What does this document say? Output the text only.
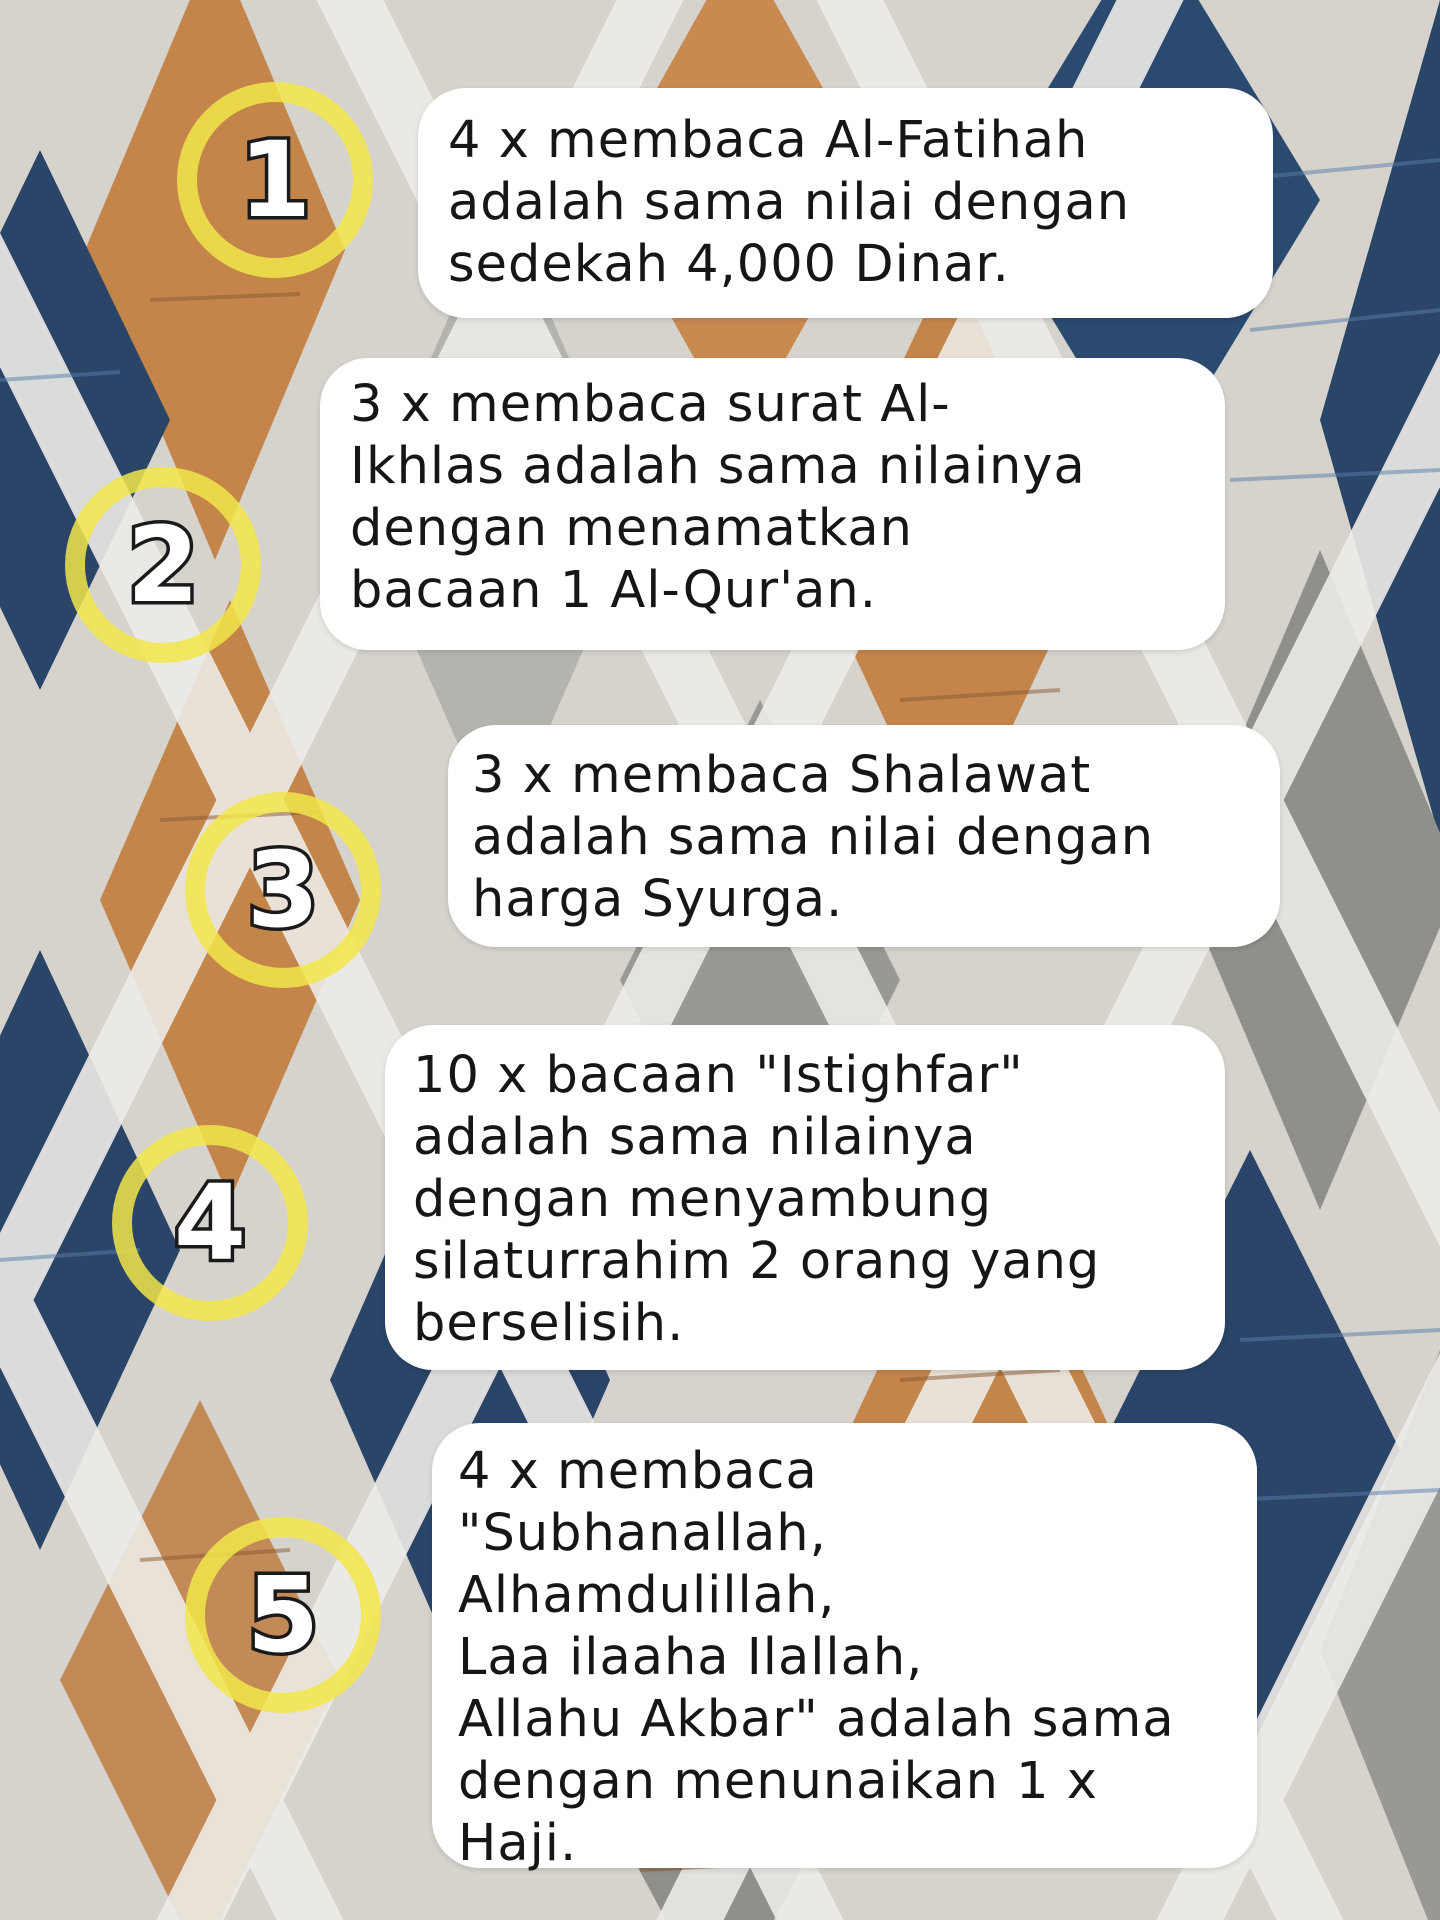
1	4 x membaca Al-Fatihah
adalah sama nilai dengan
sedekah 4,000 Dinar.
2
3 x membaca surat Al-
Ikhlas adalah sama nilainya
dengan menamatkan
bacaan 1 Al-Qur'an.
3
3 x membaca Shalawat
adalah sama nilai dengan
harga Syurga.
4
10 x bacaan "Istighfar"
adalah sama nilainya
dengan menyambung
silaturrahim 2 orang yang
berselisih.
5
4 x membaca
"Subhanallah,
Alhamdulillah,
Laa ilaaha Ilallah,
Allahu Akbar" adalah sama
dengan menunaikan 1 x
Haji.
